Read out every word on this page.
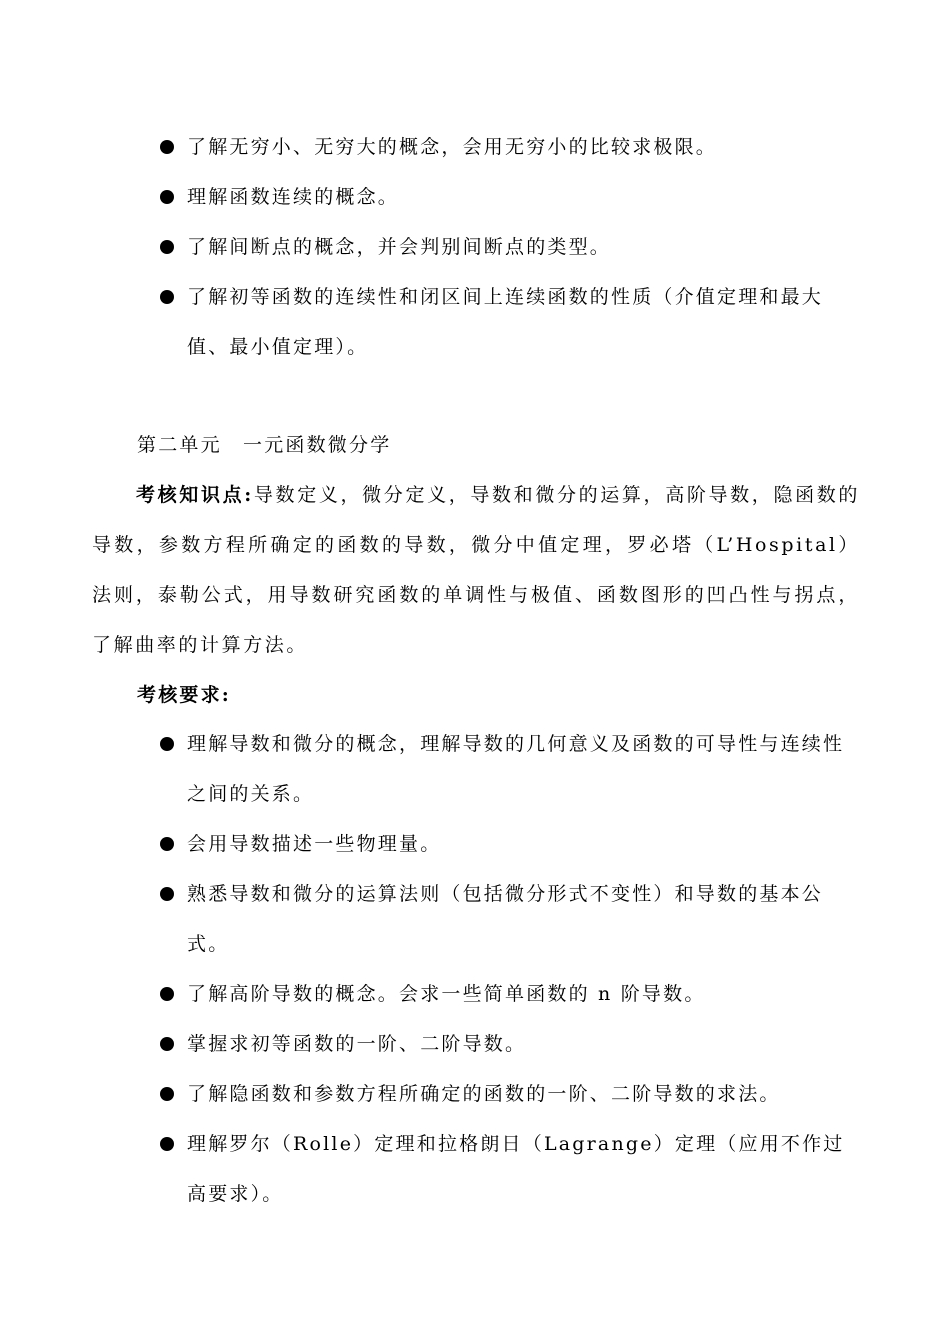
了解无穷小、无穷大的概念，会用无穷小的比较求极限。
理解函数连续的概念。
了解间断点的概念，并会判别间断点的类型。
了解初等函数的连续性和闭区间上连续函数的性质（介值定理和最大值、最小值定理）。
第二单元　一元函数微分学

考核知识点:导数定义，微分定义，导数和微分的运算，高阶导数，隐函数的导数，参数方程所确定的函数的导数，微分中值定理，罗必塔（L’Hospital）法则，泰勒公式，用导数研究函数的单调性与极值、函数图形的凹凸性与拐点，了解曲率的计算方法。

考核要求:
理解导数和微分的概念，理解导数的几何意义及函数的可导性与连续性之间的关系。
会用导数描述一些物理量。
熟悉导数和微分的运算法则（包括微分形式不变性）和导数的基本公式。
了解高阶导数的概念。会求一些简单函数的 n 阶导数。
掌握求初等函数的一阶、二阶导数。
了解隐函数和参数方程所确定的函数的一阶、二阶导数的求法。
理解罗尔（Rolle）定理和拉格朗日（Lagrange）定理（应用不作过高要求）。
